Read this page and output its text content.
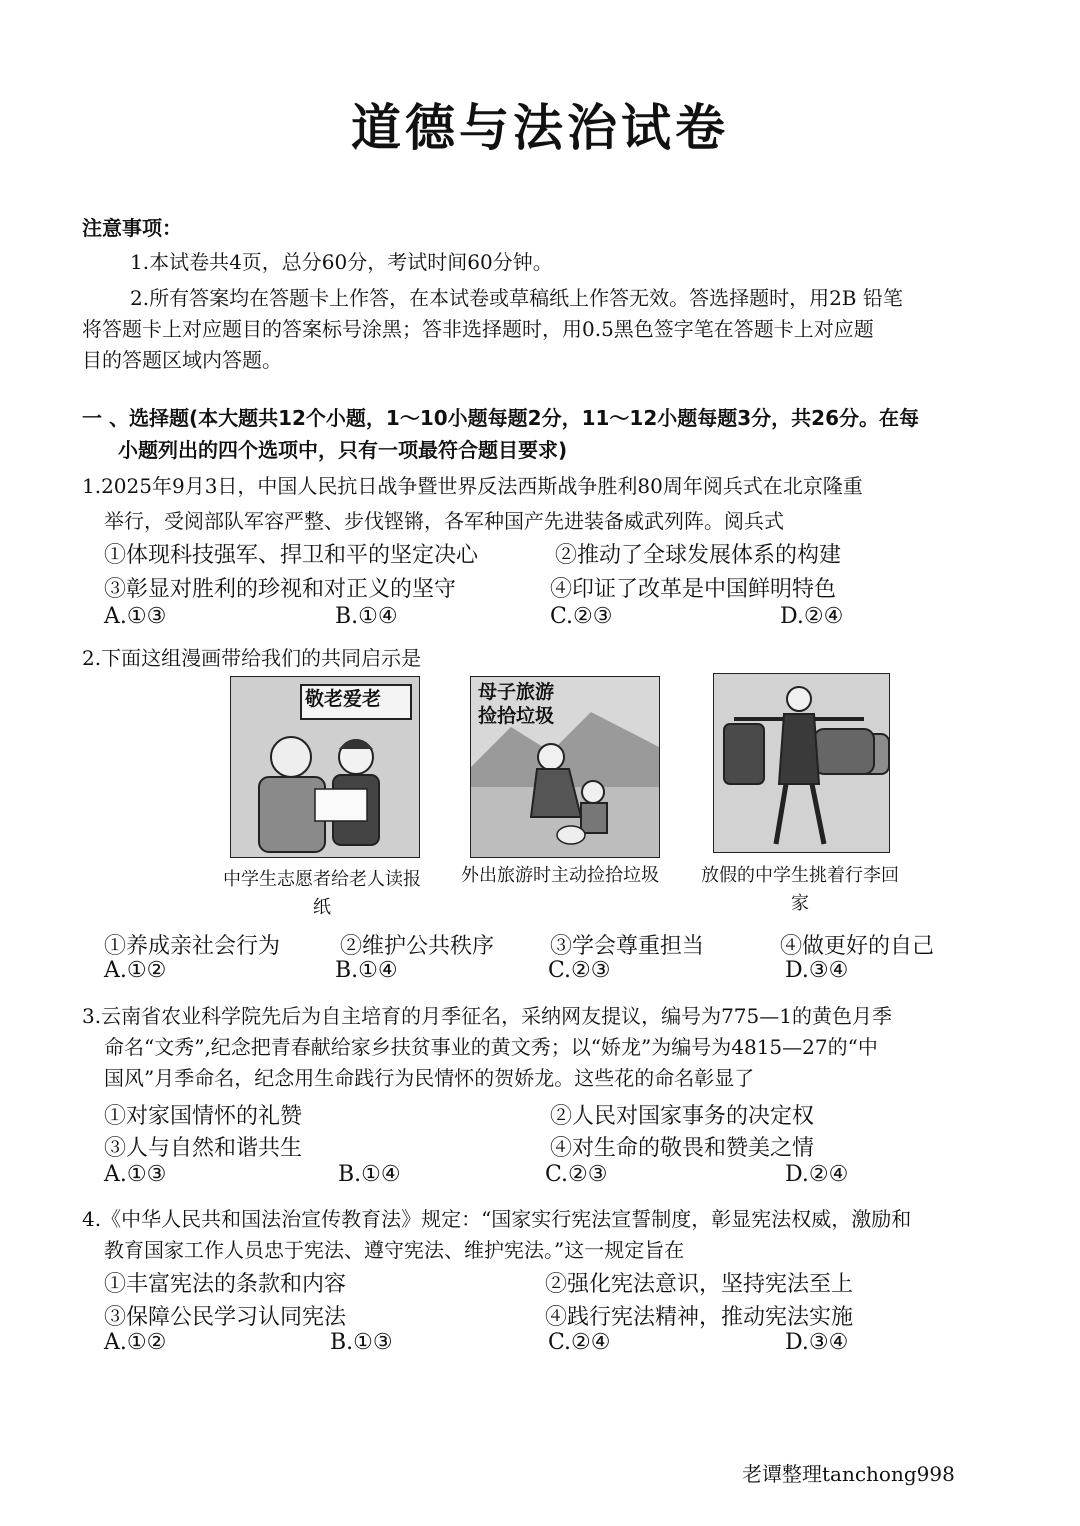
道德与法治试卷
注意事项：
1.本试卷共4页，总分60分，考试时间60分钟。
2.所有答案均在答题卡上作答，在本试卷或草稿纸上作答无效。答选择题时，用2B 铅笔
将答题卡上对应题目的答案标号涂黑；答非选择题时，用0.5黑色签字笔在答题卡上对应题
目的答题区域内答题。
一 、选择题(本大题共12个小题，1～10小题每题2分，11～12小题每题3分，共26分。在每
小题列出的四个选项中，只有一项最符合题目要求)
1.2025年9月3日，中国人民抗日战争暨世界反法西斯战争胜利80周年阅兵式在北京隆重
举行，受阅部队军容严整、步伐铿锵，各军种国产先进装备威武列阵。阅兵式
①体现科技强军、捍卫和平的坚定决心	②推动了全球发展体系的构建
③彰显对胜利的珍视和对正义的坚守	④印证了改革是中国鲜明特色
A.①③	B.①④	C.②③	D.②④
2.下面这组漫画带给我们的共同启示是
敬老爱老	母子旅游捡拾垃圾
中学生志愿者给老人读报纸
外出旅游时主动捡拾垃圾 放假的中学生挑着行李回家
①养成亲社会行为	②维护公共秩序	③学会尊重担当	④做更好的自己
A.①②	B.①④	C.②③	D.③④
3.云南省农业科学院先后为自主培育的月季征名，采纳网友提议，编号为775—1的黄色月季
命名“文秀”,纪念把青春献给家乡扶贫事业的黄文秀；以“娇龙”为编号为4815—27的“中
国风”月季命名，纪念用生命践行为民情怀的贺娇龙。这些花的命名彰显了
①对家国情怀的礼赞	②人民对国家事务的决定权
③人与自然和谐共生	④对生命的敬畏和赞美之情
A.①③	B.①④	C.②③	D.②④
4.《中华人民共和国法治宣传教育法》规定：“国家实行宪法宣誓制度，彰显宪法权威，激励和
教育国家工作人员忠于宪法、遵守宪法、维护宪法。”这一规定旨在
①丰富宪法的条款和内容	②强化宪法意识，坚持宪法至上
③保障公民学习认同宪法	④践行宪法精神，推动宪法实施
A.①②	B.①③	C.②④	D.③④
老谭整理tanchong998
